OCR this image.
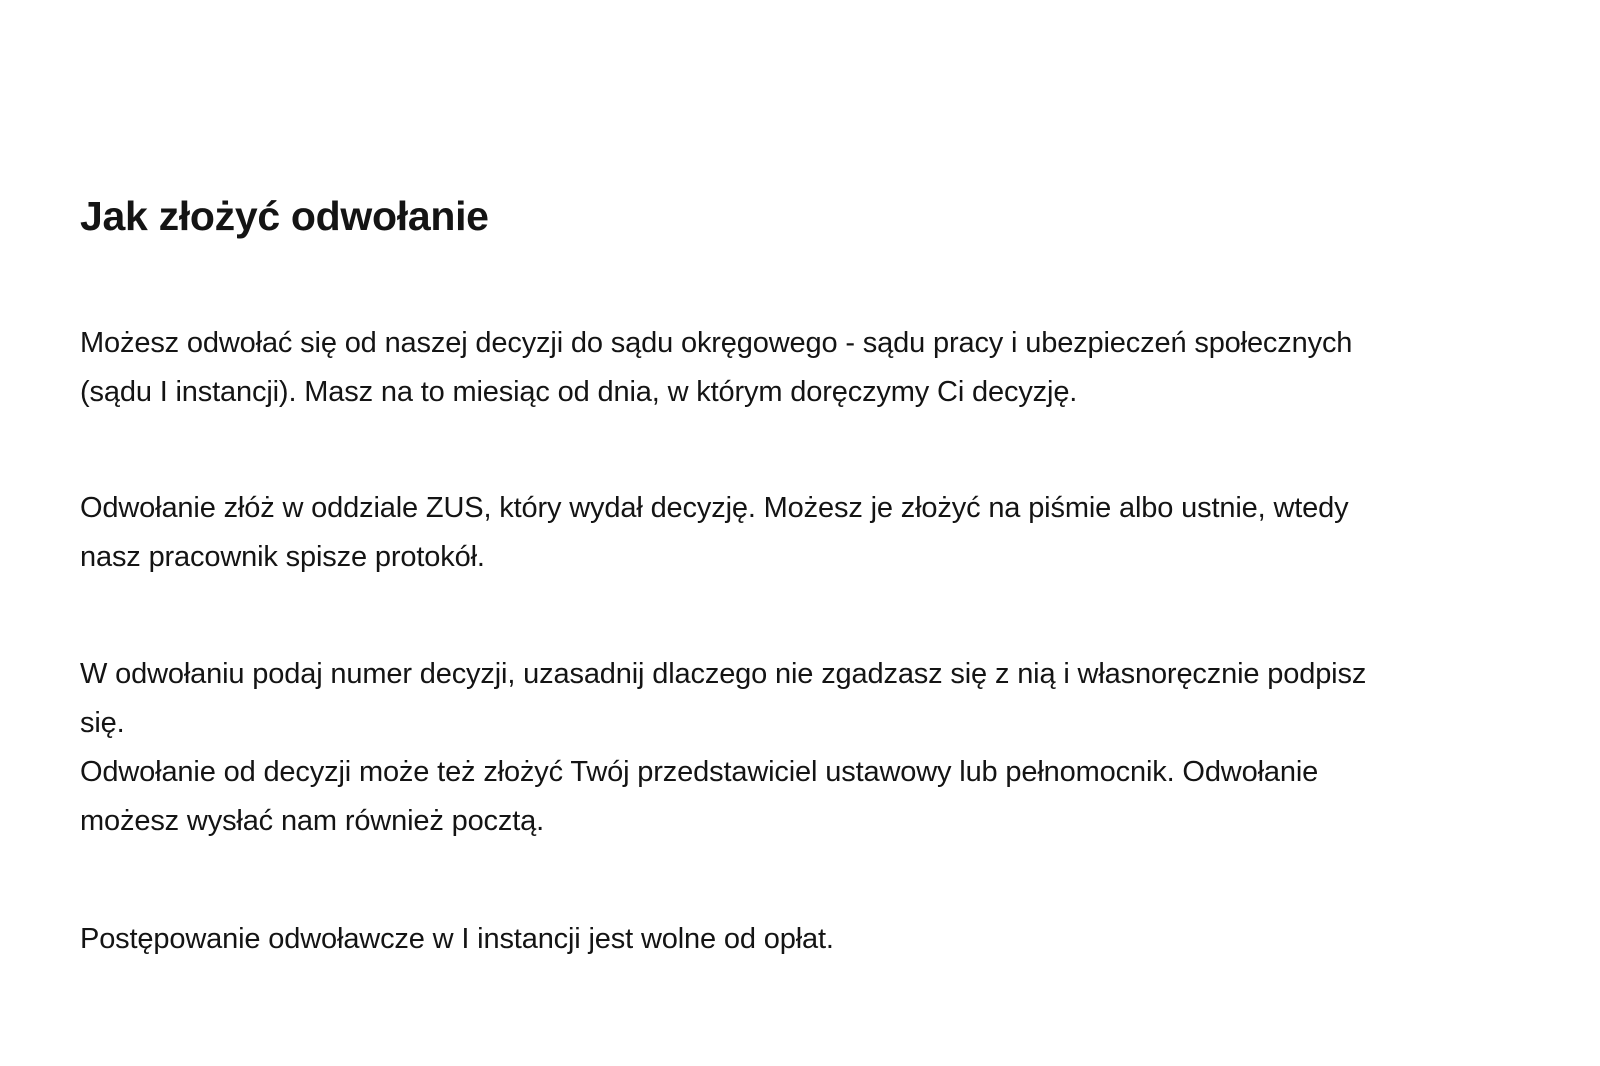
Jak złożyć odwołanie

Możesz odwołać się od naszej decyzji do sądu okręgowego - sądu pracy i ubezpieczeń społecznych
(sądu I instancji). Masz na to miesiąc od dnia, w którym doręczymy Ci decyzję.

Odwołanie złóż w oddziale ZUS, który wydał decyzję. Możesz je złożyć na piśmie albo ustnie, wtedy
nasz pracownik spisze protokół.

W odwołaniu podaj numer decyzji, uzasadnij dlaczego nie zgadzasz się z nią i własnoręcznie podpisz
się.
Odwołanie od decyzji może też złożyć Twój przedstawiciel ustawowy lub pełnomocnik. Odwołanie
możesz wysłać nam również pocztą.

Postępowanie odwoławcze w I instancji jest wolne od opłat.
